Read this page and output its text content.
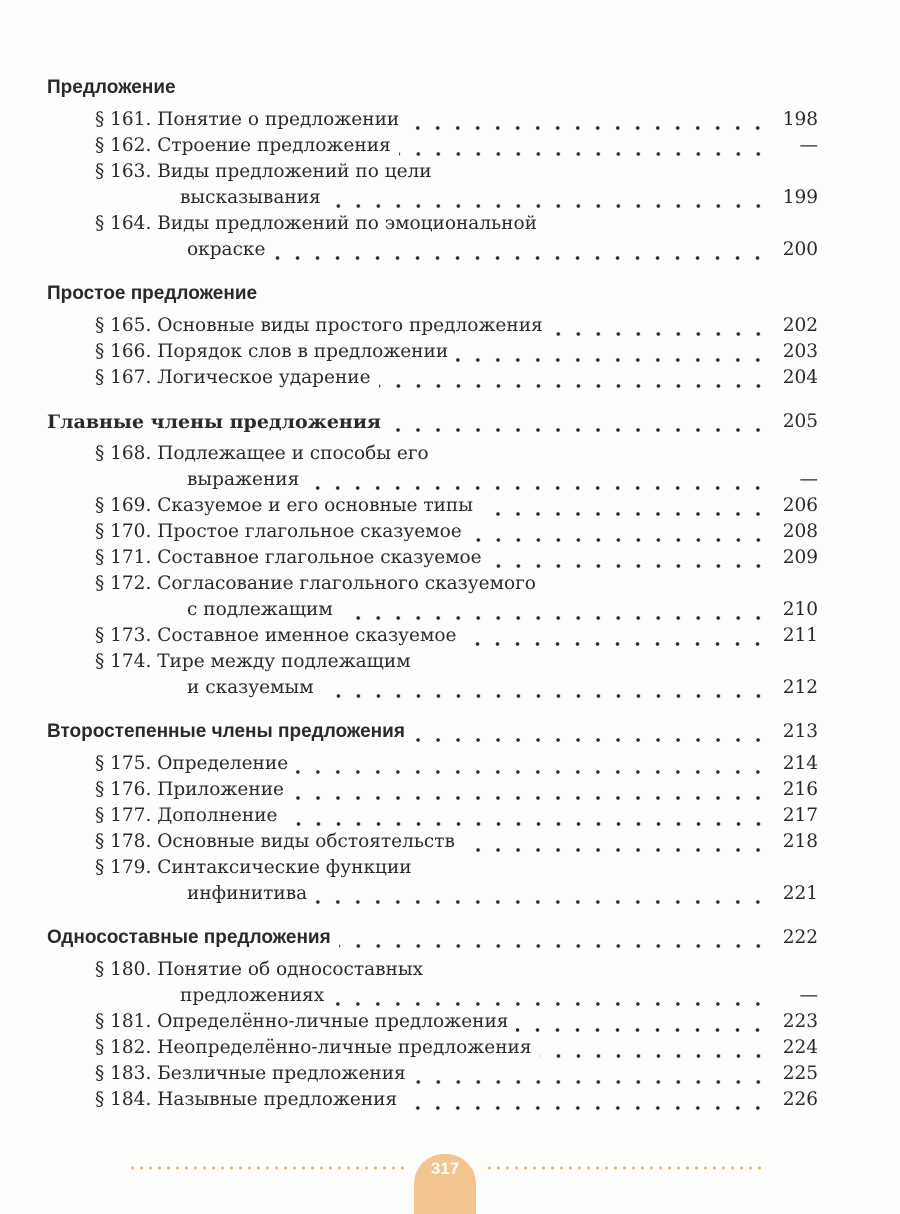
Предложение
§ 161. Понятие о предложении	198
§ 162. Строение предложения	—
§ 163. Виды предложений по цели
высказывания	199
§ 164. Виды предложений по эмоциональной
окраске	200
Простое предложение
§ 165. Основные виды простого предложения	202
§ 166. Порядок слов в предложении	203
§ 167. Логическое ударение	204
Главные члены предложения	205
§ 168. Подлежащее и способы его
выражения	—
§ 169. Сказуемое и его основные типы	206
§ 170. Простое глагольное сказуемое	208
§ 171. Составное глагольное сказуемое	209
§ 172. Согласование глагольного сказуемого
с подлежащим	210
§ 173. Составное именное сказуемое	211
§ 174. Тире между подлежащим
и сказуемым	212
Второстепенные члены предложения	213
§ 175. Определение	214
§ 176. Приложение	216
§ 177. Дополнение	217
§ 178. Основные виды обстоятельств	218
§ 179. Синтаксические функции
инфинитива	221
Односоставные предложения	222
§ 180. Понятие об односоставных
предложениях	—
§ 181. Определённо-личные предложения	223
§ 182. Неопределённо-личные предложения	224
§ 183. Безличные предложения	225
§ 184. Назывные предложения	226
317
